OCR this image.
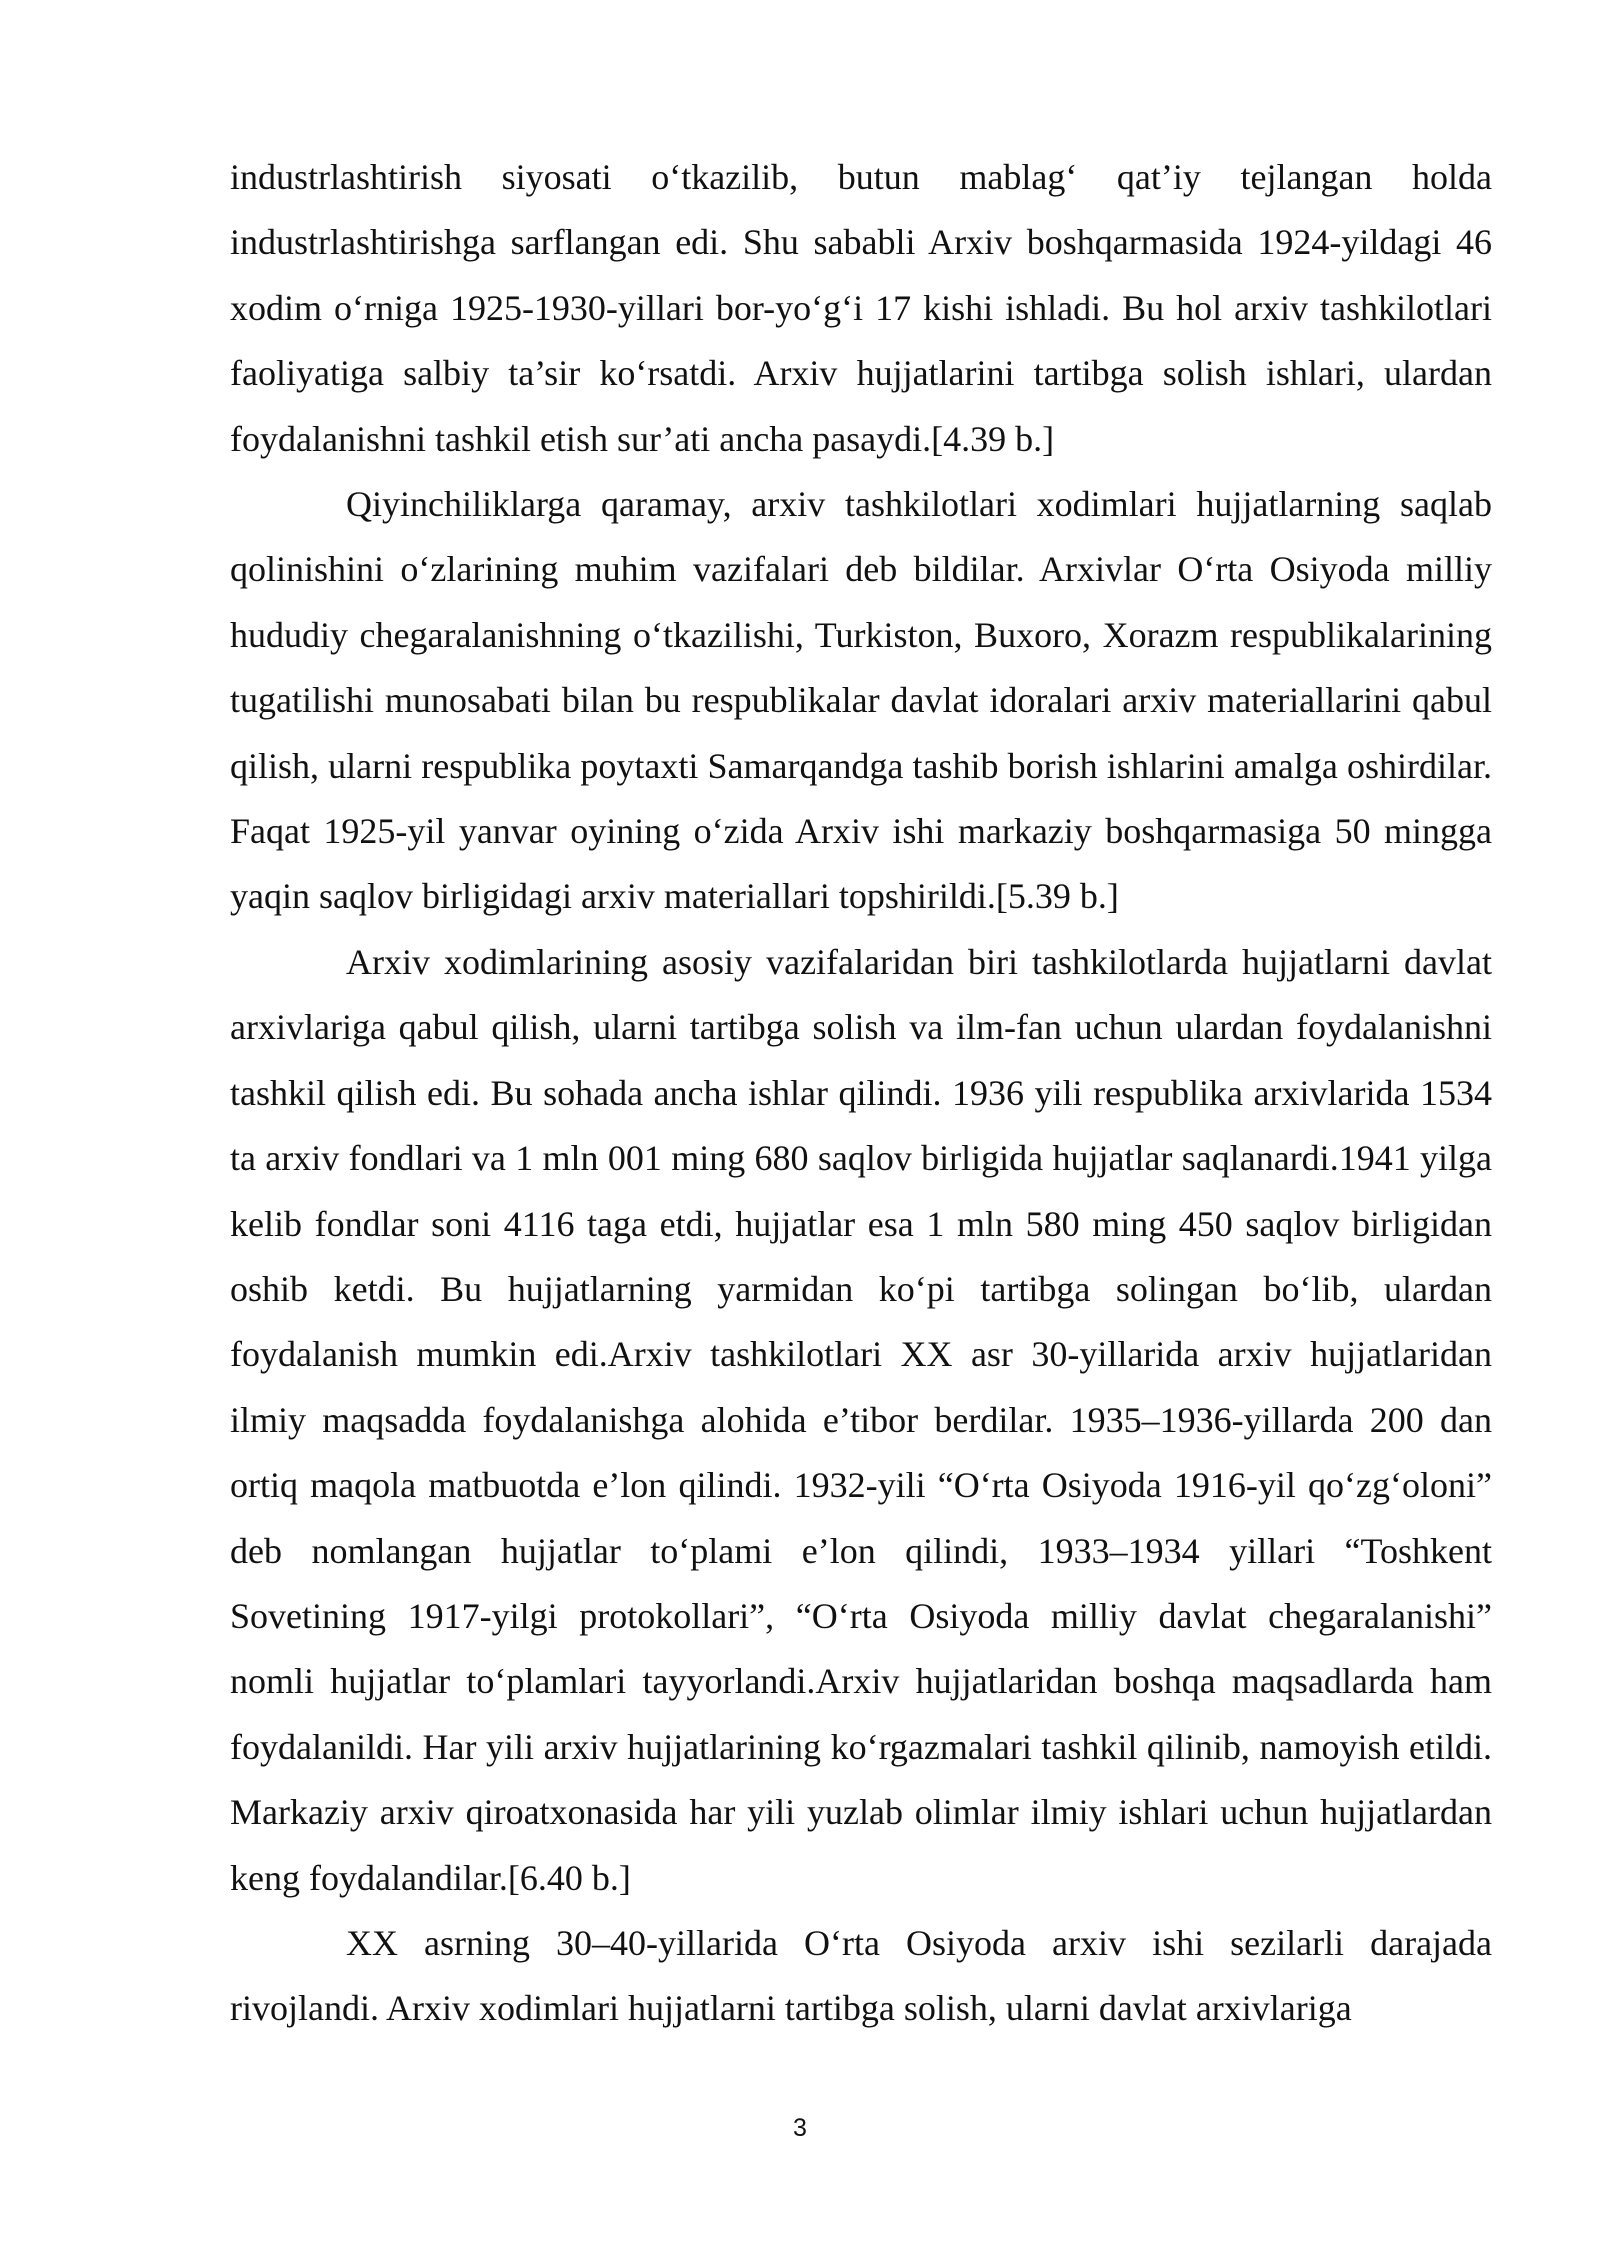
industrlashtirish siyosati o‘tkazilib, butun mablag‘ qat’iy tejlangan holda industrlashtirishga sarflangan edi. Shu sababli Arxiv boshqarmasida 1924-yildagi 46 xodim o‘rniga 1925-1930-yillari bor-yo‘g‘i 17 kishi ishladi. Bu hol arxiv tashkilotlari faoliyatiga salbiy ta’sir ko‘rsatdi. Arxiv hujjatlarini tartibga solish ishlari, ulardan foydalanishni tashkil etish sur’ati ancha pasaydi.[4.39 b.]

Qiyinchiliklarga qaramay, arxiv tashkilotlari xodimlari hujjatlarning saqlab qolinishini o‘zlarining muhim vazifalari deb bildilar. Arxivlar O‘rta Osiyoda milliy hududiy chegaralanishning o‘tkazilishi, Turkiston, Buxoro, Xorazm respublikalarining tugatilishi munosabati bilan bu respublikalar davlat idoralari arxiv materiallarini qabul qilish, ularni respublika poytaxti Samarqandga tashib borish ishlarini amalga oshirdilar. Faqat 1925-yil yanvar oyining o‘zida Arxiv ishi markaziy boshqarmasiga 50 mingga yaqin saqlov birligidagi arxiv materiallari topshirildi.[5.39 b.]

Arxiv xodimlarining asosiy vazifalaridan biri tashkilotlarda hujjatlarni davlat arxivlariga qabul qilish, ularni tartibga solish va ilm-fan uchun ulardan foydalanishni tashkil qilish edi. Bu sohada ancha ishlar qilindi. 1936 yili respublika arxivlarida 1534 ta arxiv fondlari va 1 mln 001 ming 680 saqlov birligida hujjatlar saqlanardi.1941 yilga kelib fondlar soni 4116 taga etdi, hujjatlar esa 1 mln 580 ming 450 saqlov birligidan oshib ketdi. Bu hujjatlarning yarmidan ko‘pi tartibga solingan bo‘lib, ulardan foydalanish mumkin edi.Arxiv tashkilotlari XX asr 30-yillarida arxiv hujjatlaridan ilmiy maqsadda foydalanishga alohida e’tibor berdilar. 1935–1936-yillarda 200 dan ortiq maqola matbuotda e’lon qilindi. 1932-yili “O‘rta Osiyoda 1916-yil qo‘zg‘oloni” deb nomlangan hujjatlar to‘plami e’lon qilindi, 1933–1934 yillari “Toshkent Sovetining 1917-yilgi protokollari”, “O‘rta Osiyoda milliy davlat chegaralanishi” nomli hujjatlar to‘plamlari tayyorlandi.Arxiv hujjatlaridan boshqa maqsadlarda ham foydalanildi. Har yili arxiv hujjatlarining ko‘rgazmalari tashkil qilinib, namoyish etildi. Markaziy arxiv qiroatxonasida har yili yuzlab olimlar ilmiy ishlari uchun hujjatlardan keng foydalandilar.[6.40 b.]

XX asrning 30–40-yillarida O‘rta Osiyoda arxiv ishi sezilarli darajada rivojlandi. Arxiv xodimlari hujjatlarni tartibga solish, ularni davlat arxivlariga

3
